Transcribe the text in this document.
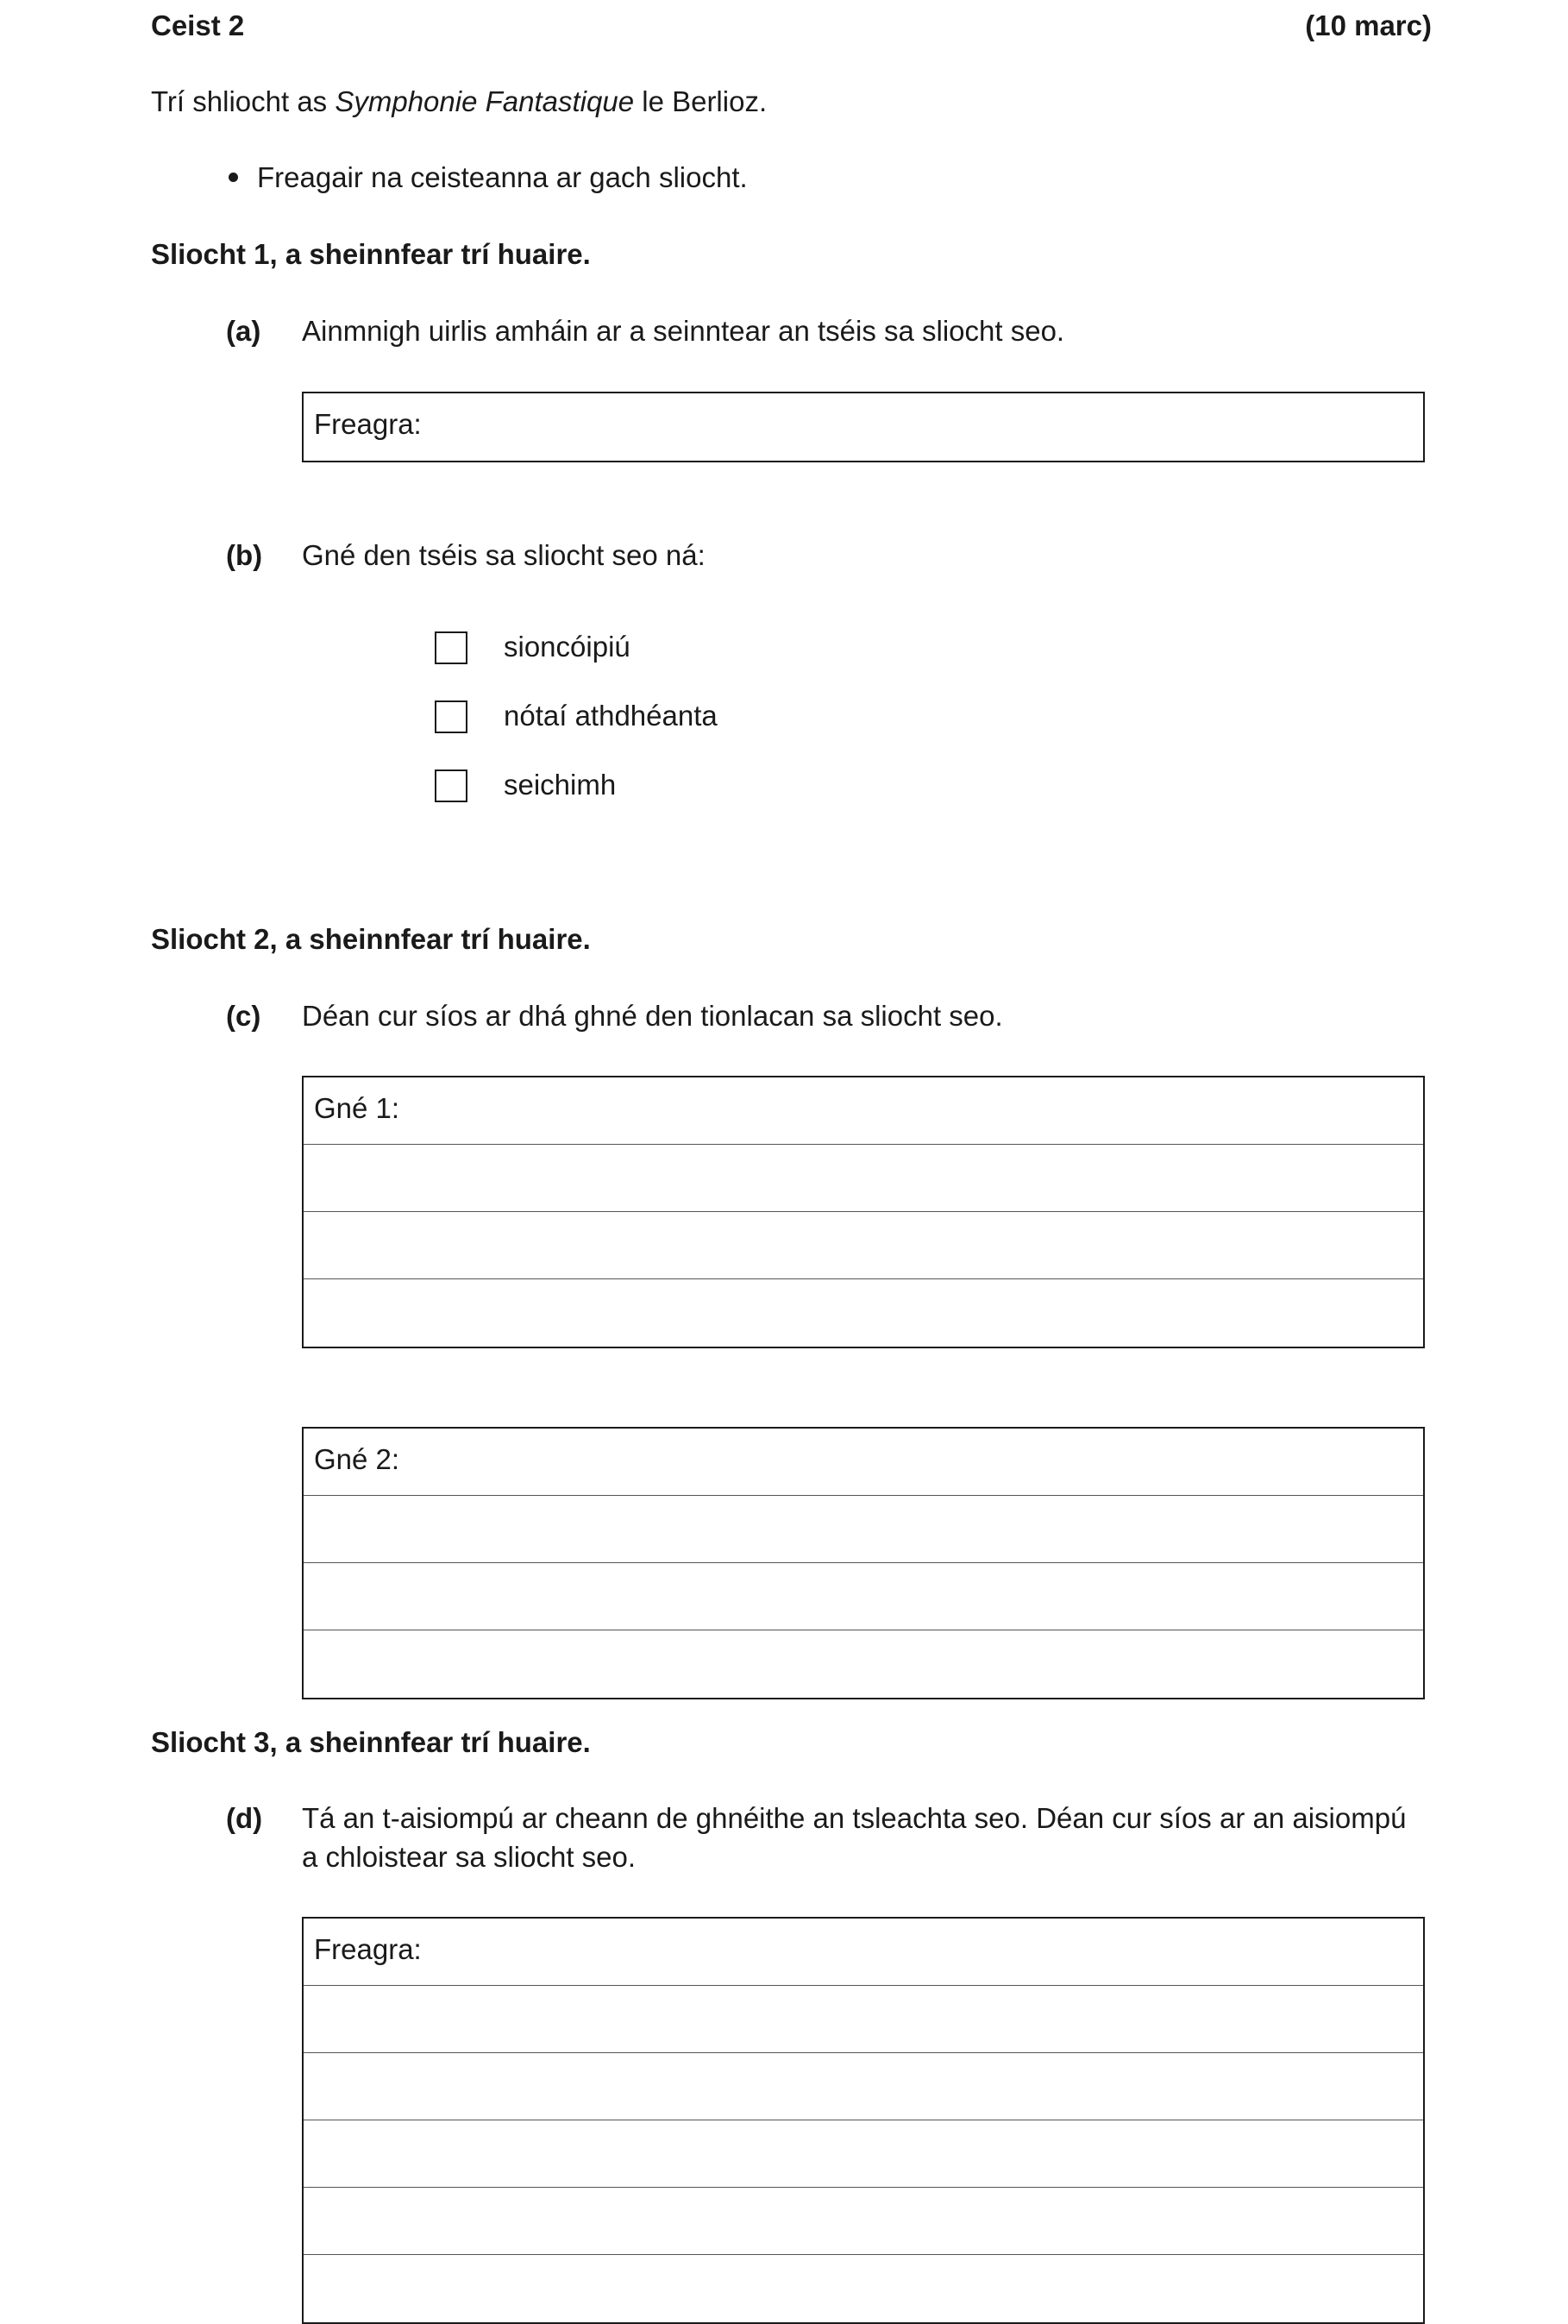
Ceist 2	(10 marc)
Trí shliocht as Symphonie Fantastique le Berlioz.
Freagair na ceisteanna ar gach sliocht.
Sliocht 1, a sheinnfear trí huaire.
(a) Ainmnigh uirlis amháin ar a seinntear an tséis sa sliocht seo.
Freagra:
(b) Gné den tséis sa sliocht seo ná:
sioncóipiú
nótaí athdhéanta
seichimh
Sliocht 2, a sheinnfear trí huaire.
(c) Déan cur síos ar dhá ghné den tionlacan sa sliocht seo.
Gné 1:
Gné 2:
Sliocht 3, a sheinnfear trí huaire.
(d) Tá an t-aisiompú ar cheann de ghnéithe an tsleachta seo. Déan cur síos ar an aisiompú
a chloistear sa sliocht seo.
Freagra:
